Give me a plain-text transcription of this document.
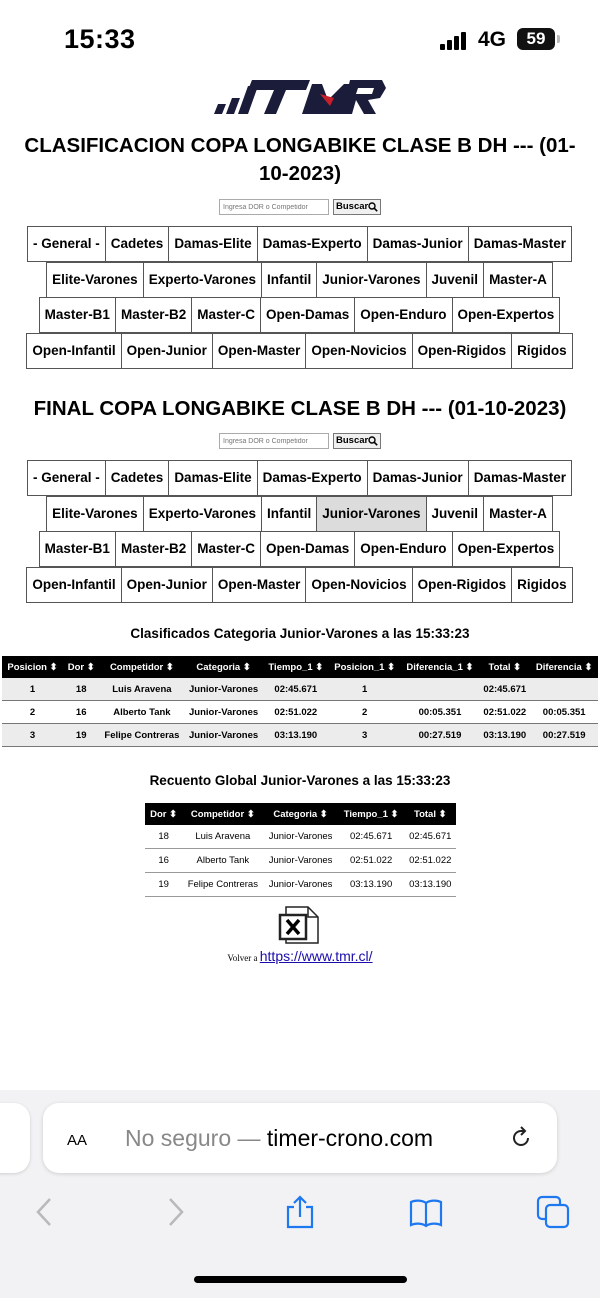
15:33	4G	59
CLASIFICACION COPA LONGABIKE CLASE B DH --- (01-10-2023)
Ingresa DOR o Competidor
Buscar
- General - Cadetes Damas-Elite Damas-Experto Damas-Junior Damas-Master
Elite-Varones Experto-Varones Infantil Junior-Varones Juvenil Master-A
Master-B1 Master-B2 Master-C Open-Damas Open-Enduro Open-Expertos
Open-Infantil Open-Junior Open-Master Open-Novicios Open-Rigidos Rigidos
FINAL COPA LONGABIKE CLASE B DH --- (01-10-2023)
Ingresa DOR o Competidor
Buscar
- General - Cadetes Damas-Elite Damas-Experto Damas-Junior Damas-Master
Elite-Varones Experto-Varones Infantil Junior-Varones Juvenil Master-A
Master-B1 Master-B2 Master-C Open-Damas Open-Enduro Open-Expertos
Open-Infantil Open-Junior Open-Master Open-Novicios Open-Rigidos Rigidos
Clasificados Categoria Junior-Varones a las 15:33:23
Posicion ⬍	Dor ⬍	Competidor ⬍	Categoria ⬍	Tiempo_1 ⬍	Posicion_1 ⬍	Diferencia_1 ⬍	Total ⬍	Diferencia ⬍
1	18	Luis Aravena	Junior-Varones	02:45.671	1		02:45.671	
2	16	Alberto Tank	Junior-Varones	02:51.022	2	00:05.351	02:51.022	00:05.351
3	19	Felipe Contreras	Junior-Varones	03:13.190	3	00:27.519	03:13.190	00:27.519
Recuento Global Junior-Varones a las 15:33:23
Dor ⬍	Competidor ⬍	Categoria ⬍	Tiempo_1 ⬍	Total ⬍
18	Luis Aravena	Junior-Varones	02:45.671	02:45.671
16	Alberto Tank	Junior-Varones	02:51.022	02:51.022
19	Felipe Contreras	Junior-Varones	03:13.190	03:13.190
Volver a https://www.tmr.cl/
AA No seguro — timer-crono.com
